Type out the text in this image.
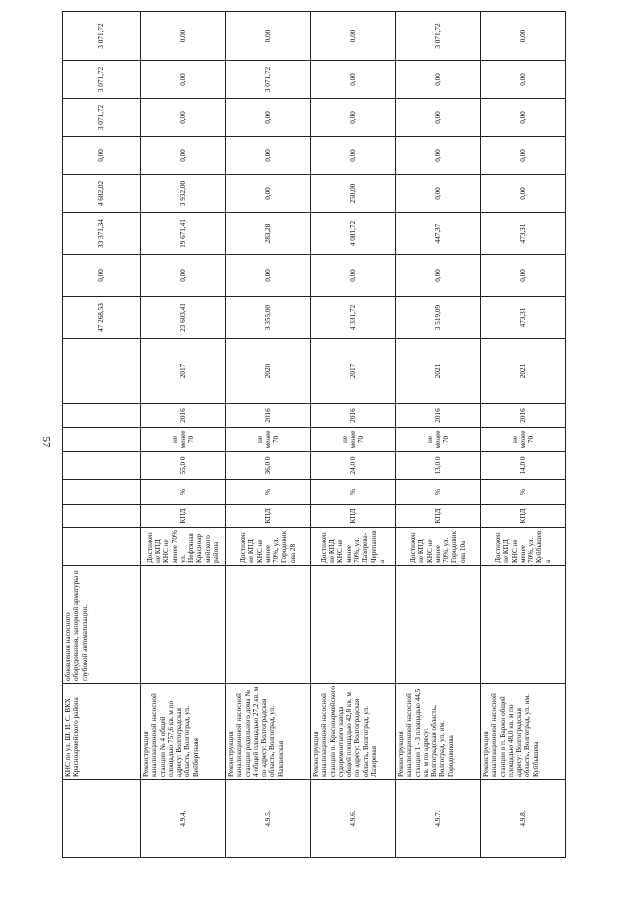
57
	КНС по ул. Ш. И. С. ВКХ Красноармейского района	обновления насосного оборудования, запорной арматуры и глубокой автоматизации.								47 268,53	0,00	33 371,34	4 682,02	0,00	3 071,72	3 071,72	3 071,72	
4.9.4.	Реконструкция канализационной насосной станции № 4 общей площадью 757,6 кв. м по адресу: Волгоградская область, Волгоград, ул. Вейбертнаяя		Достижение КПД КНС не менее 70% ул. Нефтяная Красноармейского района	КПД	%	55,0 0	не менее 70	2016	2017	23 603,41	0,00	19 671,41	3 932,00	0,00	0,00	0,00	0,00	
4.9.5.	Реконструкция канализационной насосной станции родильного дома № 4 общей площадью 27,2 кв. м по адресу: Волгоградская область, Волгоград, ул. Навлинская		Достижение КПД КНС не менее 70%, ул. Городовикова 28	КПД	%	36,0 0	не менее 70	2016	2020	3 355,00	0,00	283,28	0,00	0,00	0,00	3 071,72	0,00	
4.9.6.	Реконструкция канализационной насосной станции п. Красноармейского судоремонтного завода общей площадью 42,8 кв. м по адресу: Волгоградская область, Волгоград, ул. Лазоревая		Достижение КПД КНС не менее 70%, ул. Лазорева-Черепанова	КПД	%	24,0 0	не менее 70	2016	2017	4 331,72	0,00	4 081,72	250,00	0,00	0,00	0,00	0,00	
4.9.7.	Реконструкция канализационной насосной станции 1 - 3 площадью 44,5 кв. м по адресу: Волгоградская область, Волгоград, ул. им. Городовикова		Достижение КПД КНС не менее 70%, ул. Городовикова 10а	КПД	%	13,0 0	не менее 70	2016	2021	3 519,09	0,00	447,37	0,00	0,00	0,00	0,00	3 071,72	
4.9.8.	Реконструкция канализационной насосной станции в п. Баржи общей площадью 48,0 кв. м по адресу: Волгоградская область, Волгоград, ул. им. Куйбышева		Достижение КПД КНС не менее 70%, ул. Куйбышева	КПД	%	14,0 0	не менее 70	2016	2021	473,31	0,00	473,31	0,00	0,00	0,00	0,00	0,00	
